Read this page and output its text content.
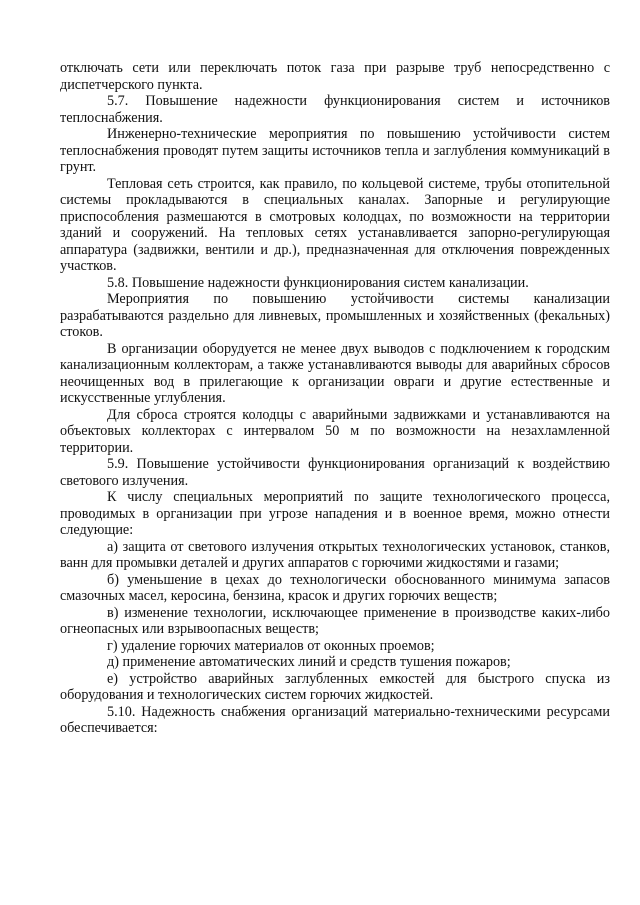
отключать сети или переключать поток газа при разрыве труб непосредственно с диспетчерского пункта.

5.7. Повышение надежности функционирования систем и источников теплоснабжения.

Инженерно-технические мероприятия по повышению устойчивости систем теплоснабжения проводят путем защиты источников тепла и заглубления коммуникаций в грунт.

Тепловая сеть строится, как правило, по кольцевой системе, трубы отопительной системы прокладываются в специальных каналах. Запорные и регулирующие приспособления размешаются в смотровых колодцах, по возможности на территории зданий и сооружений. На тепловых сетях устанавливается запорно-регулирующая аппаратура (задвижки, вентили и др.), предназначенная для отключения поврежденных участков.

5.8. Повышение надежности функционирования систем канализации.

Мероприятия по повышению устойчивости системы канализации разрабатываются раздельно для ливневых, промышленных и хозяйственных (фекальных) стоков.

В организации оборудуется не менее двух выводов с подключением к городским канализационным коллекторам, а также устанавливаются выводы для аварийных сбросов неочищенных вод в прилегающие к организации овраги и другие естественные и искусственные углубления.

Для сброса строятся колодцы с аварийными задвижками и устанавливаются на объектовых коллекторах с интервалом 50 м по возможности на незахламленной территории.

5.9. Повышение устойчивости функционирования организаций к воздействию светового излучения.

К числу специальных мероприятий по защите технологического процесса, проводимых в организации при угрозе нападения и в военное время, можно отнести следующие:

а) защита от светового излучения открытых технологических установок, станков, ванн для промывки деталей и других аппаратов с горючими жидкостями и газами;

б) уменьшение в цехах до технологически обоснованного минимума запасов смазочных масел, керосина, бензина, красок и других горючих веществ;

в) изменение технологии, исключающее применение в производстве каких-либо огнеопасных или взрывоопасных веществ;

г) удаление горючих материалов от оконных проемов;

д) применение автоматических линий и средств тушения пожаров;

е) устройство аварийных заглубленных емкостей для быстрого спуска из оборудования и технологических систем горючих жидкостей.

5.10. Надежность снабжения организаций материально-техническими ресурсами обеспечивается:
